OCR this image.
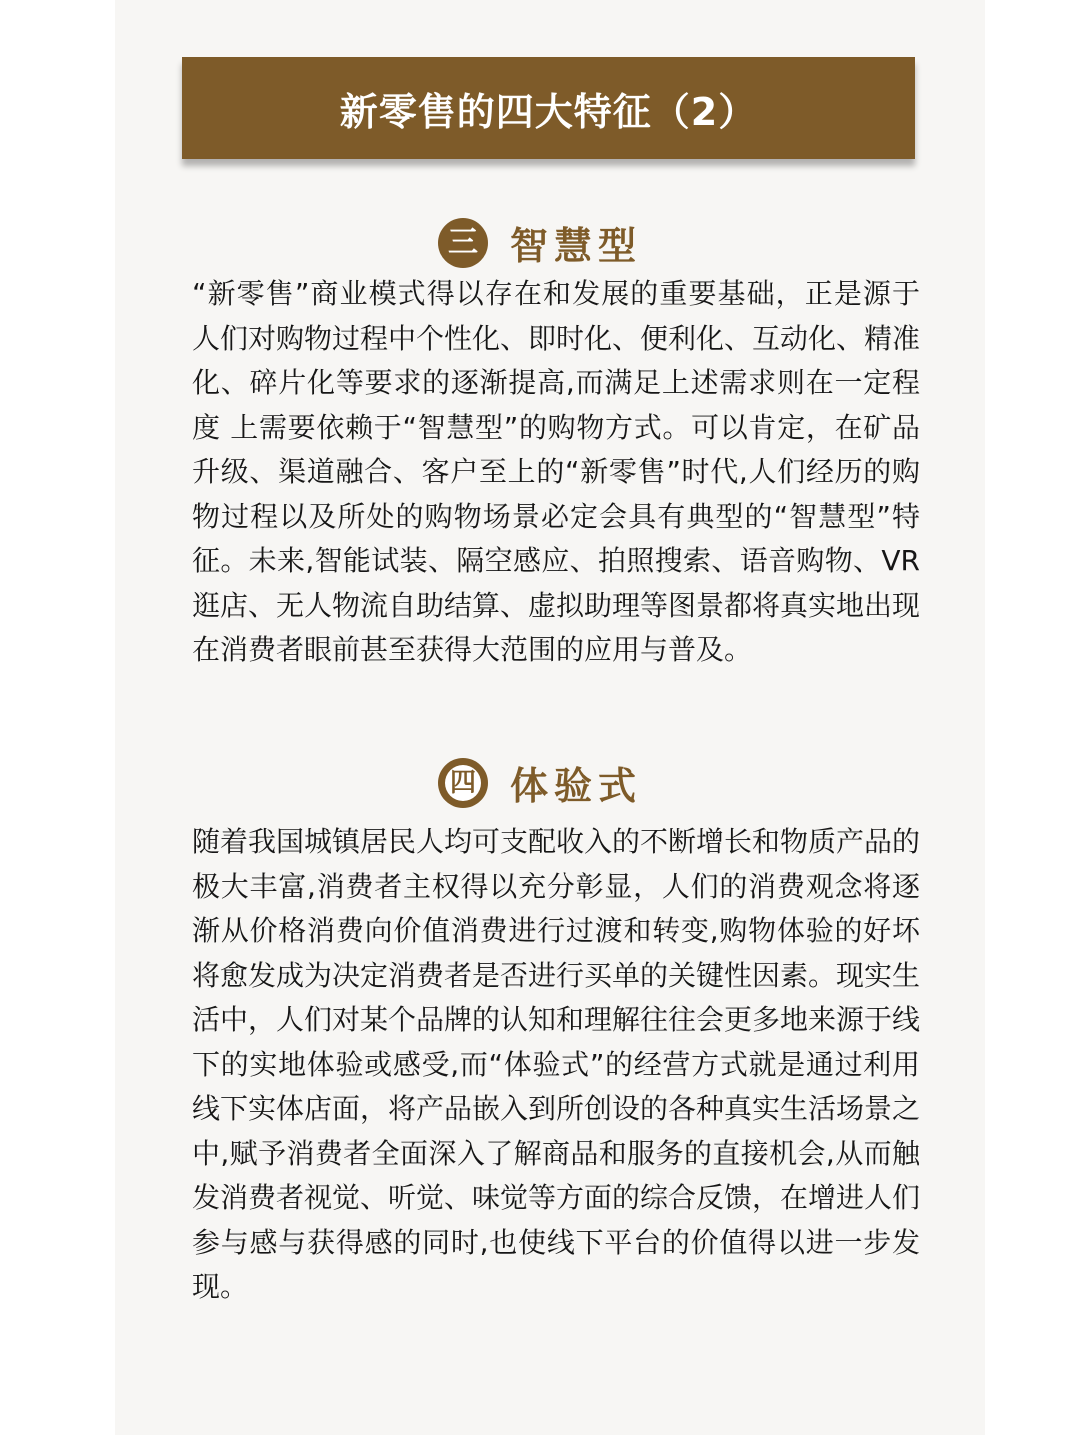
新零售的四大特征（2）
三 智慧型

“新零售”商业模式得以存在和发展的重要基础，正是源于人们对购物过程中个性化、即时化、便利化、互动化、精准化、碎片化等要求的逐渐提高,而满足上述需求则在一定程度 上需要依赖于“智慧型”的购物方式。可以肯定，在矿品升级、渠道融合、客户至上的“新零售”时代,人们经历的购物过程以及所处的购物场景必定会具有典型的“智慧型”特征。未来,智能试装、隔空感应、拍照搜索、语音购物、VR 逛店、无人物流自助结算、虚拟助理等图景都将真实地出现在消费者眼前甚至获得大范围的应用与普及。

四 体验式

随着我国城镇居民人均可支配收入的不断增长和物质产品的极大丰富,消费者主权得以充分彰显，人们的消费观念将逐渐从价格消费向价值消费进行过渡和转变,购物体验的好坏将愈发成为决定消费者是否进行买单的关键性因素。现实生活中，人们对某个品牌的认知和理解往往会更多地来源于线下的实地体验或感受,而“体验式”的经营方式就是通过利用线下实体店面，将产品嵌入到所创设的各种真实生活场景之中,赋予消费者全面深入了解商品和服务的直接机会,从而触发消费者视觉、听觉、味觉等方面的综合反馈，在增进人们参与感与获得感的同时,也使线下平台的价值得以进一步发现。
